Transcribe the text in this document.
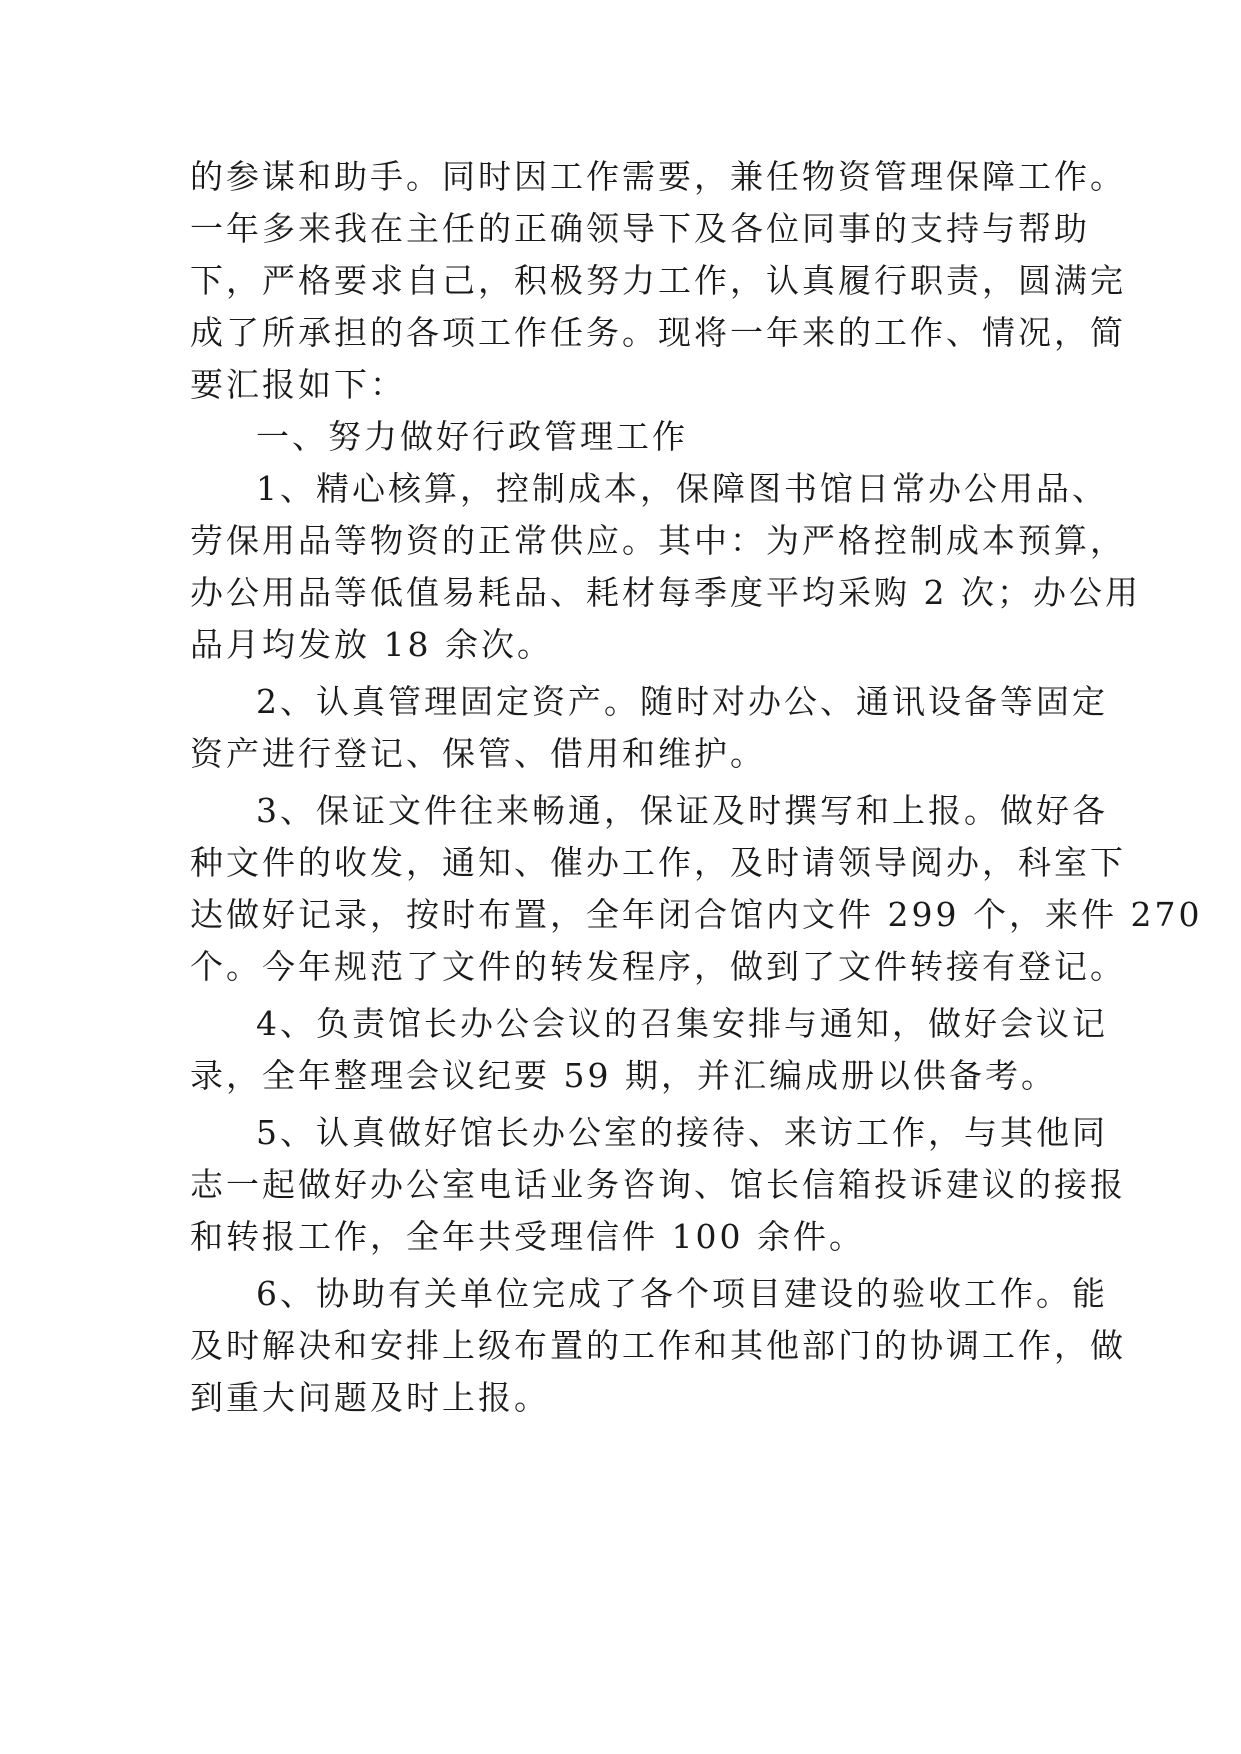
的参谋和助手。同时因工作需要，兼任物资管理保障工作。
一年多来我在主任的正确领导下及各位同事的支持与帮助
下，严格要求自己，积极努力工作，认真履行职责，圆满完
成了所承担的各项工作任务。现将一年来的工作、情况，简
要汇报如下：
一、努力做好行政管理工作
1、精心核算，控制成本，保障图书馆日常办公用品、
劳保用品等物资的正常供应。其中：为严格控制成本预算，
办公用品等低值易耗品、耗材每季度平均采购 2 次；办公用
品月均发放 18 余次。
2、认真管理固定资产。随时对办公、通讯设备等固定
资产进行登记、保管、借用和维护。
3、保证文件往来畅通，保证及时撰写和上报。做好各
种文件的收发，通知、催办工作，及时请领导阅办，科室下
达做好记录，按时布置，全年闭合馆内文件 299 个，来件 270
个。今年规范了文件的转发程序，做到了文件转接有登记。
4、负责馆长办公会议的召集安排与通知，做好会议记
录，全年整理会议纪要 59 期，并汇编成册以供备考。
5、认真做好馆长办公室的接待、来访工作，与其他同
志一起做好办公室电话业务咨询、馆长信箱投诉建议的接报
和转报工作，全年共受理信件 100 余件。
6、协助有关单位完成了各个项目建设的验收工作。能
及时解决和安排上级布置的工作和其他部门的协调工作，做
到重大问题及时上报。
